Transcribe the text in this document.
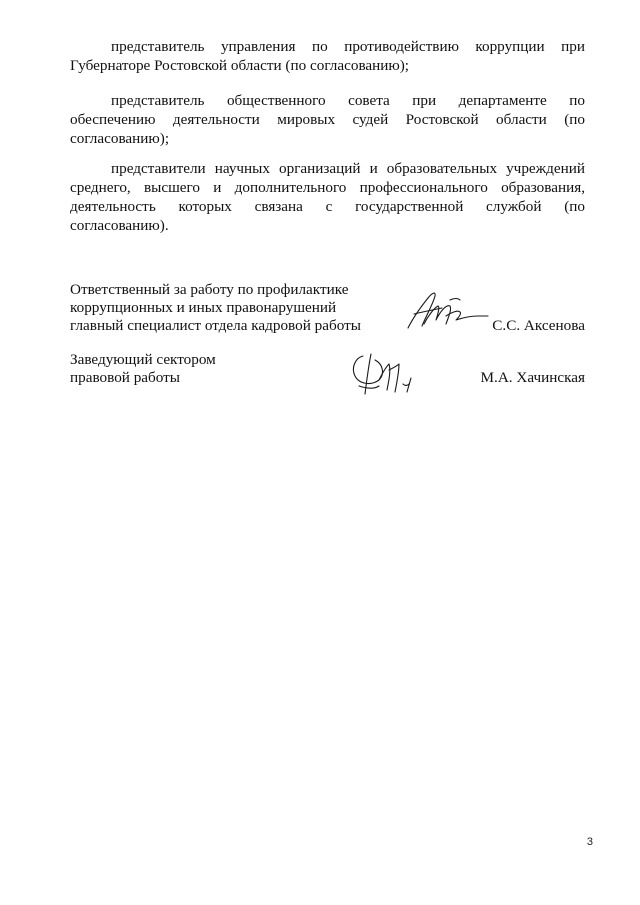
представитель управления по противодействию коррупции при
Губернаторе Ростовской области (по согласованию);
представитель общественного совета при департаменте по
обеспечению деятельности мировых судей Ростовской области (по
согласованию);
представители научных организаций и образовательных учреждений
среднего, высшего и дополнительного профессионального образования,
деятельность которых связана с государственной службой (по
согласованию).
Ответственный за работу по профилактике
коррупционных и иных правонарушений
главный специалист отдела кадровой работы	С.С. Аксенова
Заведующий сектором
правовой работы	М.А. Хачинская
3
